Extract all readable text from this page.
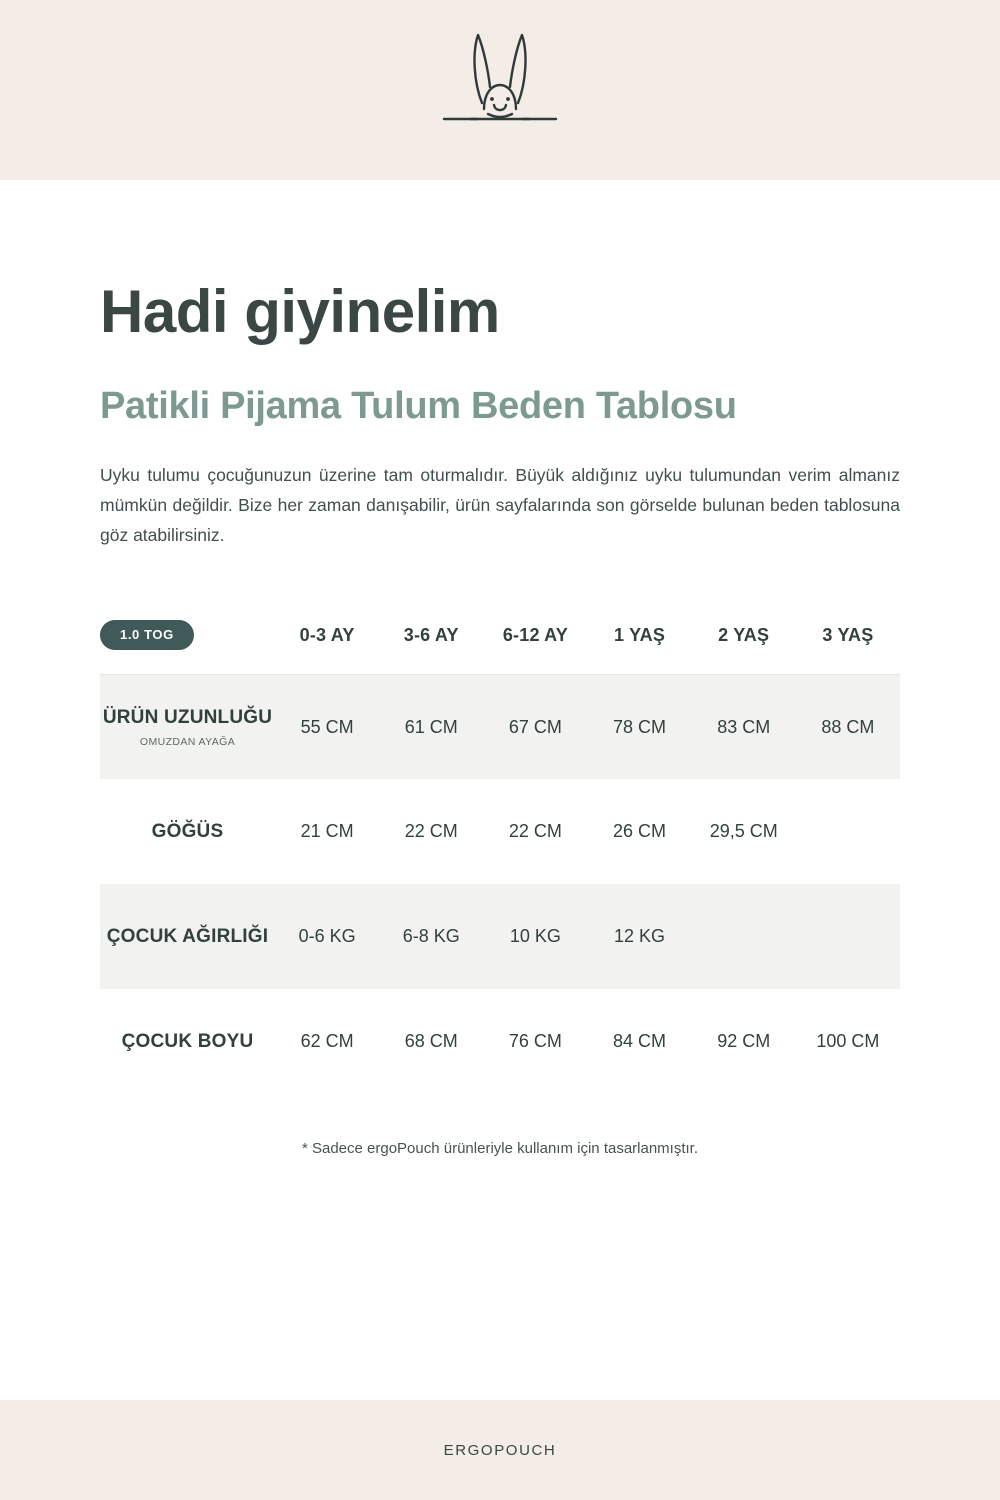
Hadi giyinelim
Patikli Pijama Tulum Beden Tablosu

Uyku tulumu çocuğunuzun üzerine tam oturmalıdır. Büyük aldığınız uyku tulumundan verim almanız mümkün değildir. Bize her zaman danışabilir, ürün sayfalarında son görselde bulunan beden tablosuna göz atabilirsiniz.

1.0 TOG	0-3 AY	3-6 AY	6-12 AY	1 YAŞ	2 YAŞ	3 YAŞ
ÜRÜN UZUNLUĞU
OMUZDAN AYAĞA	55 CM	61 CM	67 CM	78 CM	83 CM	88 CM
GÖĞÜS	21 CM	22 CM	22 CM	26 CM	29,5 CM	
ÇOCUK AĞIRLIĞI	0-6 KG	6-8 KG	10 KG	12 KG		
ÇOCUK BOYU	62 CM	68 CM	76 CM	84 CM	92 CM	100 CM
* Sadece ergoPouch ürünleriyle kullanım için tasarlanmıştır.
ERGOPOUCH
